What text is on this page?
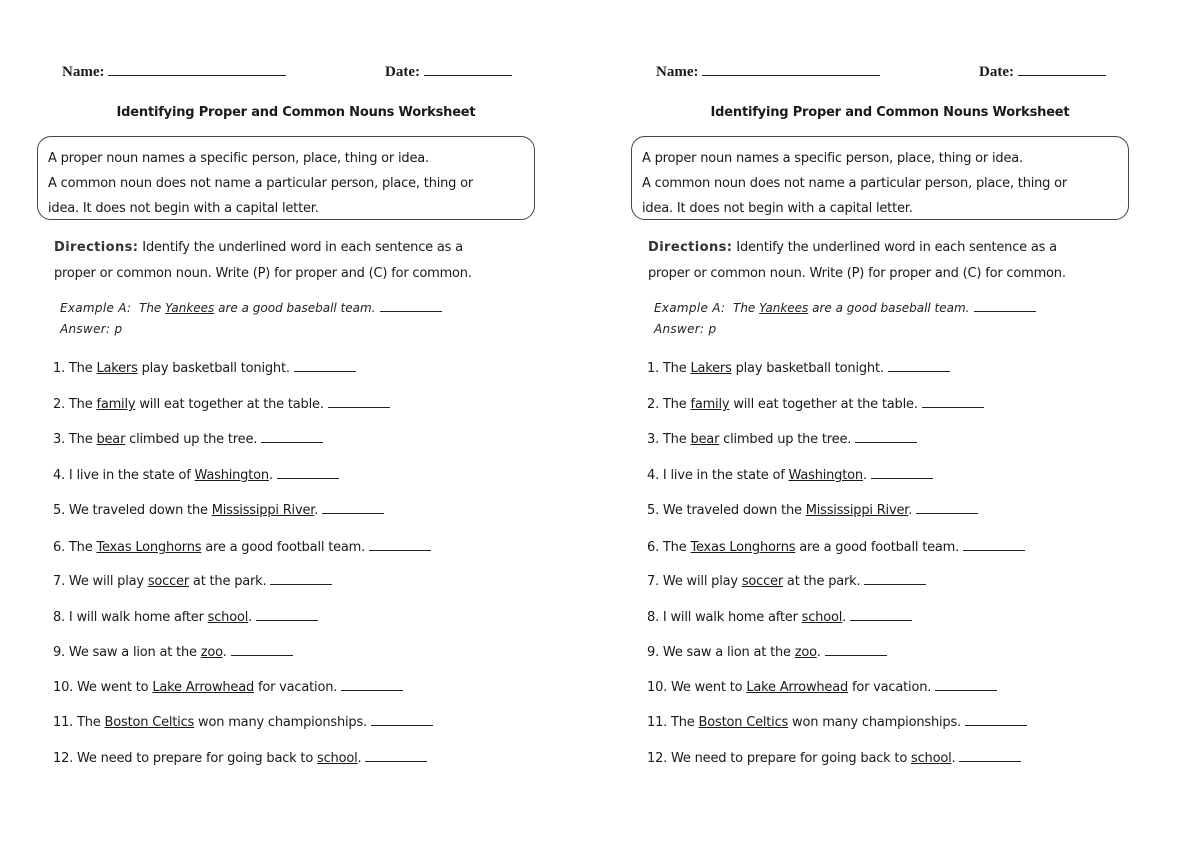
Name:	Date:
Identifying Proper and Common Nouns Worksheet
A proper noun names a specific person, place, thing or idea.
A common noun does not name a particular person, place, thing or
idea. It does not begin with a capital letter.
Directions: Identify the underlined word in each sentence as a
proper or common noun. Write (P) for proper and (C) for common.
Example A: The Yankees are a good baseball team.
Answer: p
1. The Lakers play basketball tonight.
2. The family will eat together at the table.
3. The bear climbed up the tree.
4. I live in the state of Washington.
5. We traveled down the Mississippi River.
6. The Texas Longhorns are a good football team.
7. We will play soccer at the park.
8. I will walk home after school.
9. We saw a lion at the zoo.
10. We went to Lake Arrowhead for vacation.
11. The Boston Celtics won many championships.
12. We need to prepare for going back to school.
Name:	Date:
Identifying Proper and Common Nouns Worksheet
A proper noun names a specific person, place, thing or idea.
A common noun does not name a particular person, place, thing or
idea. It does not begin with a capital letter.
Directions: Identify the underlined word in each sentence as a
proper or common noun. Write (P) for proper and (C) for common.
Example A: The Yankees are a good baseball team.
Answer: p
1. The Lakers play basketball tonight.
2. The family will eat together at the table.
3. The bear climbed up the tree.
4. I live in the state of Washington.
5. We traveled down the Mississippi River.
6. The Texas Longhorns are a good football team.
7. We will play soccer at the park.
8. I will walk home after school.
9. We saw a lion at the zoo.
10. We went to Lake Arrowhead for vacation.
11. The Boston Celtics won many championships.
12. We need to prepare for going back to school.
